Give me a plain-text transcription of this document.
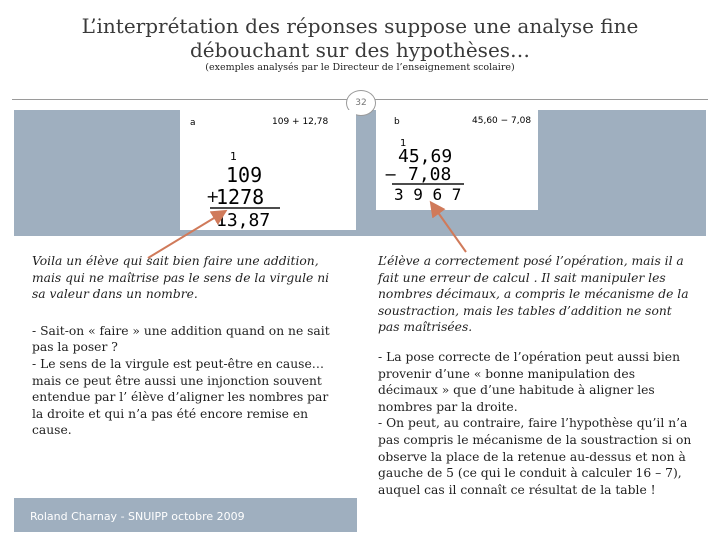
L’interprétation des réponses suppose une analyse fine
débouchant sur des hypothèses…
(exemples analysés par le Directeur de l’enseignement scolaire)
32
a	109 + 12,78
1
109
+
1278
13,87
b	45,60 − 7,08
1
45,69
− 7,08
3 9 6 7
Voila un élève qui sait bien faire une addition, mais qui ne maîtrise pas le sens de la virgule ni sa valeur dans un nombre.
- Sait-on « faire » une addition quand on ne sait pas la poser ?
- Le sens de la virgule est peut-être en cause… mais ce peut être aussi une injonction souvent entendue par l’ élève d’aligner les nombres par la droite et qui n’a pas été encore remise en cause.
L’élève a correctement posé l’opération, mais il a fait une erreur de calcul . Il sait manipuler les nombres décimaux, a compris le mécanisme de la soustraction, mais les tables d’addition ne sont pas maîtrisées.
- La pose correcte de l’opération peut aussi bien provenir d’une « bonne manipulation des décimaux » que d’une habitude à aligner les nombres par la droite.
- On peut, au contraire, faire l’hypothèse qu’il n’a pas compris le mécanisme de la soustraction si on observe la place de la retenue au-dessus et non à gauche de 5 (ce qui le conduit à calculer 16 – 7), auquel cas il connaît ce résultat de la table !
Roland Charnay - SNUIPP octobre 2009
